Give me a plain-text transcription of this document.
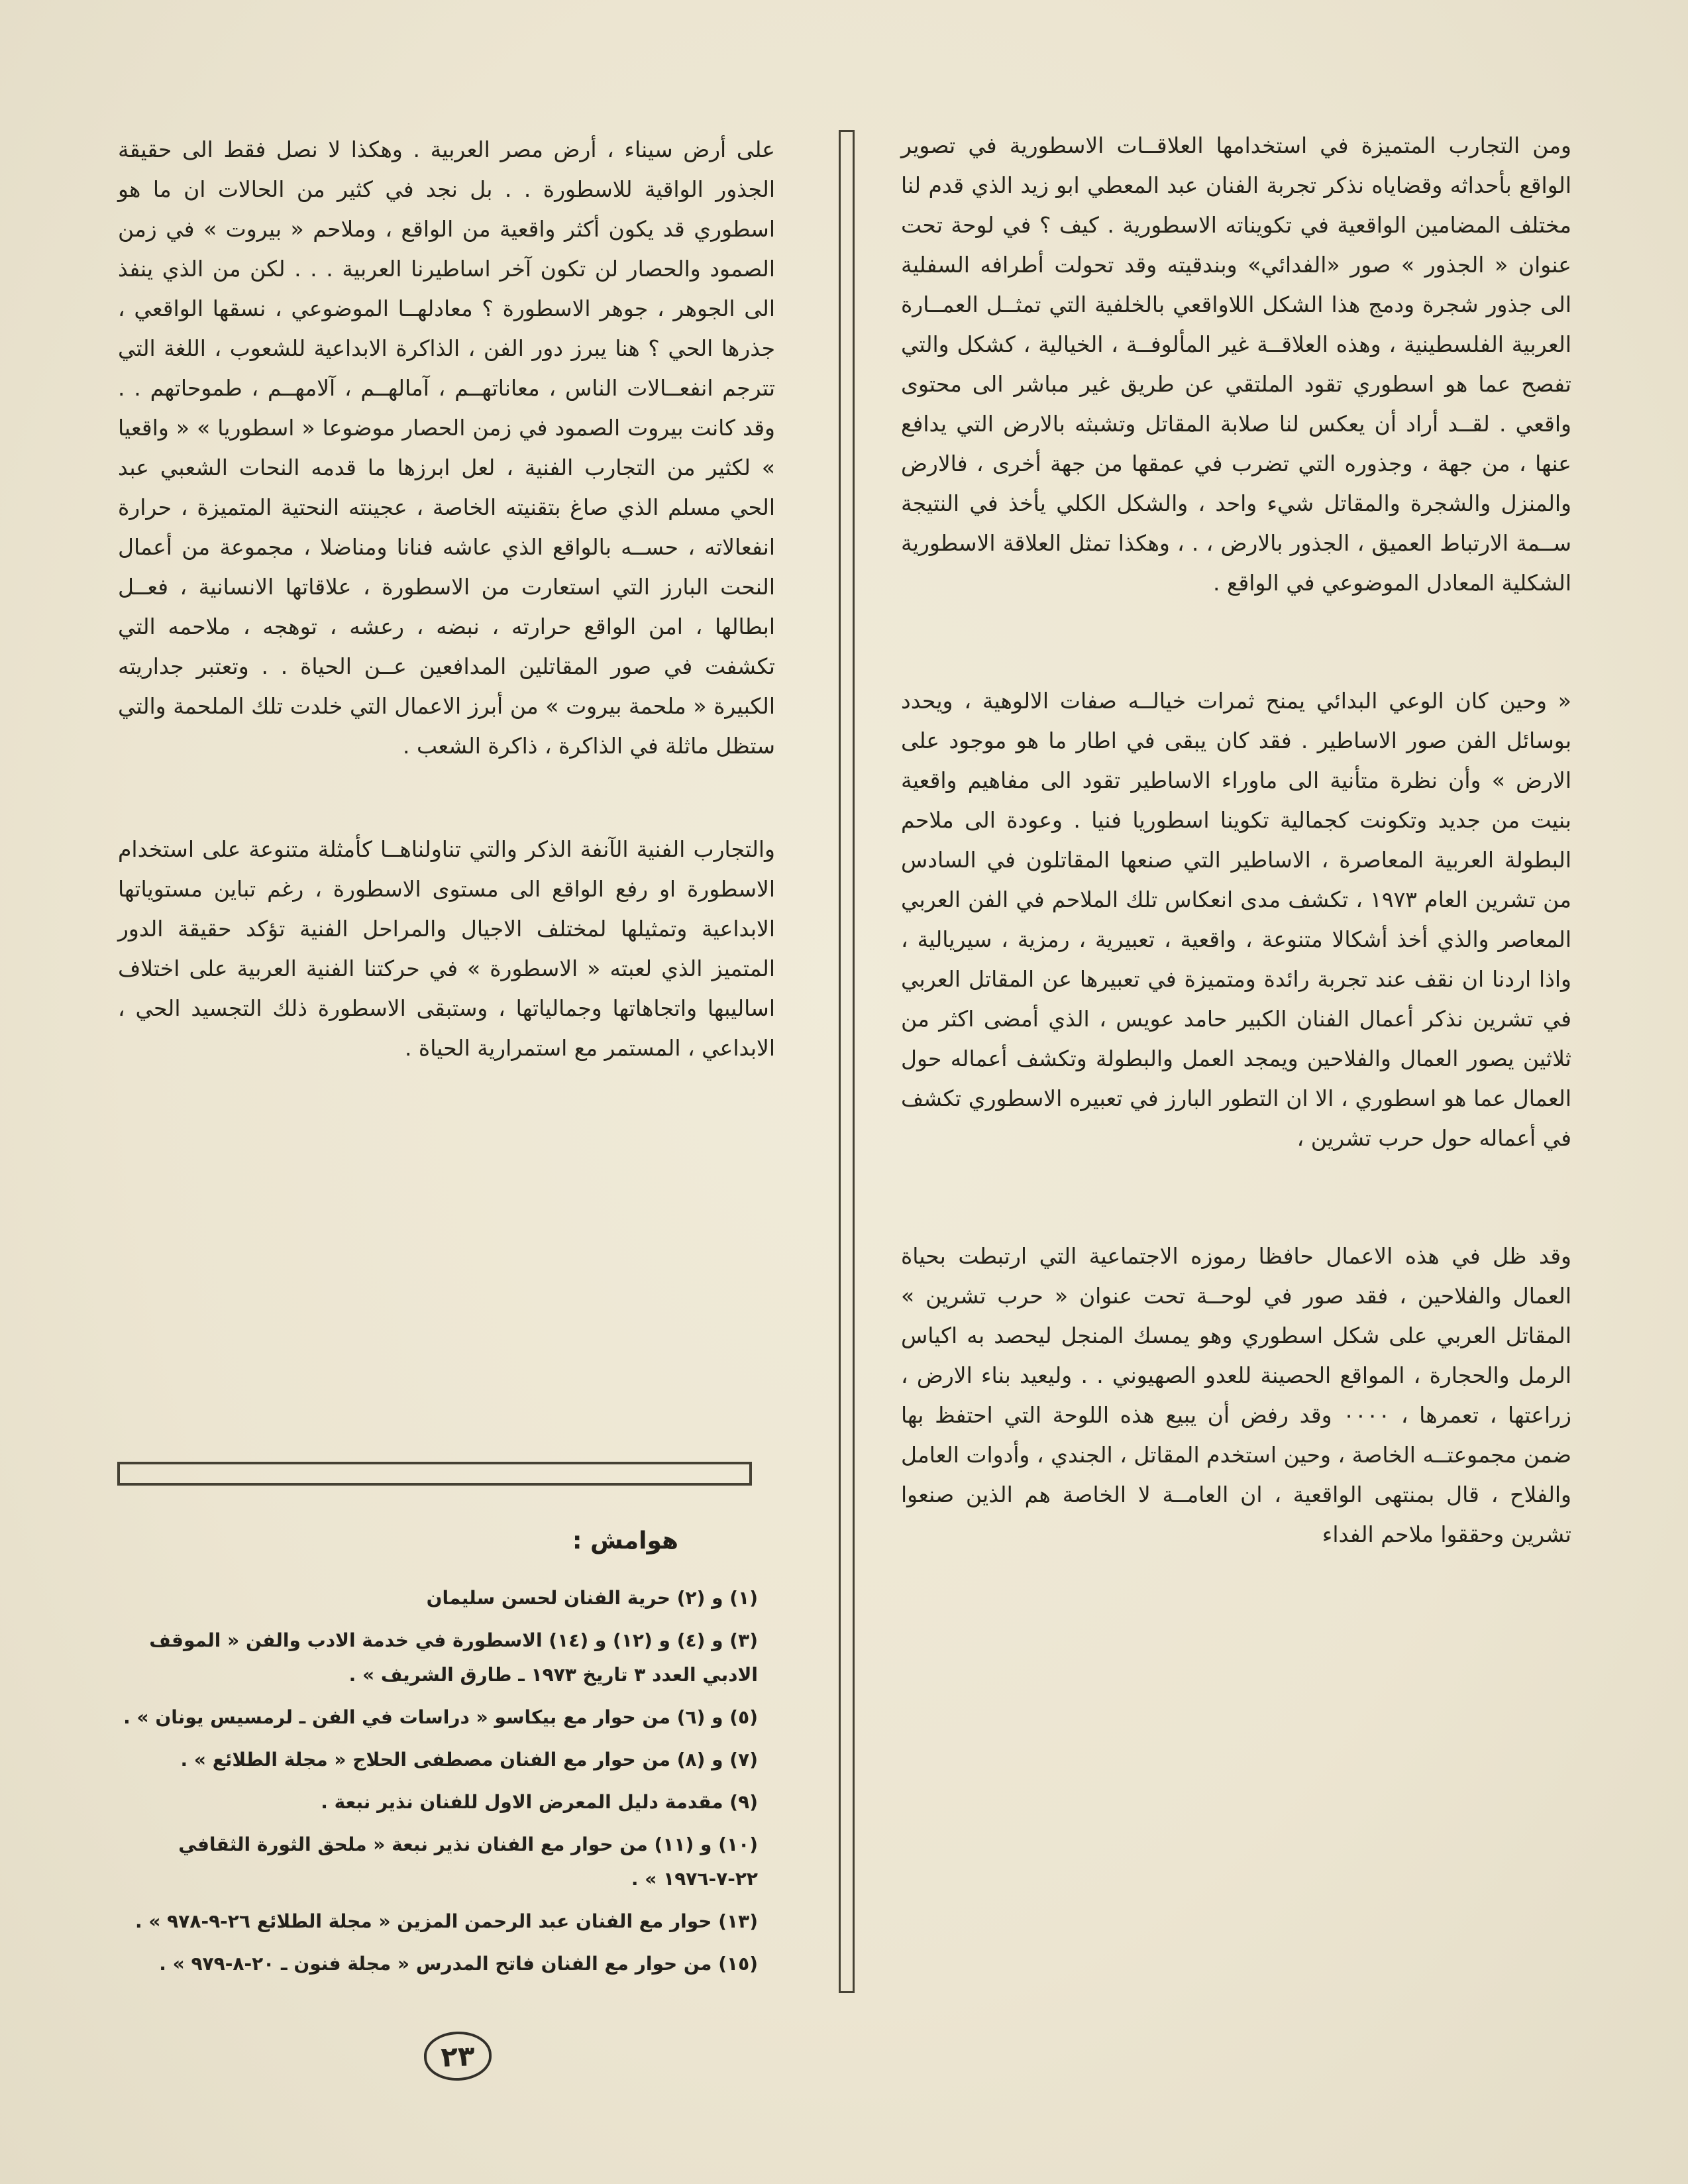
ومن التجارب المتميزة في استخدامها العلاقــات الاسطورية في تصوير الواقع بأحداثه وقضاياه نذكر تجربة الفنان عبد المعطي ابو زيد الذي قدم لنا مختلف المضامين الواقعية في تكويناته الاسطورية . كيف ؟ في لوحة تحت عنوان « الجذور » صور «الفدائي» وبندقيته وقد تحولت أطرافه السفلية الى جذور شجرة ودمج هذا الشكل اللاواقعي بالخلفية التي تمثــل العمــارة العربية الفلسطينية ، وهذه العلاقــة غير المألوفــة ، الخيالية ، كشكل والتي تفصح عما هو اسطوري تقود الملتقي عن طريق غير مباشر الى محتوى واقعي . لقــد أراد أن يعكس لنا صلابة المقاتل وتشبثه بالارض التي يدافع عنها ، من جهة ، وجذوره التي تضرب في عمقها من جهة أخرى ، فالارض والمنزل والشجرة والمقاتل شيء واحد ، والشكل الكلي يأخذ في النتيجة ســمة الارتباط العميق ، الجذور بالارض ، . ، وهكذا تمثل العلاقة الاسطورية الشكلية المعادل الموضوعي في الواقع .

« وحين كان الوعي البدائي يمنح ثمرات خيالــه صفات الالوهية ، ويحدد بوسائل الفن صور الاساطير . فقد كان يبقى في اطار ما هو موجود على الارض » وأن نظرة متأنية الى ماوراء الاساطير تقود الى مفاهيم واقعية بنيت من جديد وتكونت كجمالية تكوينا اسطوريا فنيا . وعودة الى ملاحم البطولة العربية المعاصرة ، الاساطير التي صنعها المقاتلون في السادس من تشرين العام ١٩٧٣ ، تكشف مدى انعكاس تلك الملاحم في الفن العربي المعاصر والذي أخذ أشكالا متنوعة ، واقعية ، تعبيرية ، رمزية ، سيريالية ، واذا اردنا ان نقف عند تجربة رائدة ومتميزة في تعبيرها عن المقاتل العربي في تشرين نذكر أعمال الفنان الكبير حامد عويس ، الذي أمضى اكثر من ثلاثين يصور العمال والفلاحين ويمجد العمل والبطولة وتكشف أعماله حول العمال عما هو اسطوري ، الا ان التطور البارز في تعبيره الاسطوري تكشف في أعماله حول حرب تشرين ،

وقد ظل في هذه الاعمال حافظا رموزه الاجتماعية التي ارتبطت بحياة العمال والفلاحين ، فقد صور في لوحــة تحت عنوان « حرب تشرين » المقاتل العربي على شكل اسطوري وهو يمسك المنجل ليحصد به اكياس الرمل والحجارة ، المواقع الحصينة للعدو الصهيوني . . وليعيد بناء الارض ، زراعتها ، تعمرها ، ٠٠٠٠ وقد رفض أن يبيع هذه اللوحة التي احتفظ بها ضمن مجموعتــه الخاصة ، وحين استخدم المقاتل ، الجندي ، وأدوات العامل والفلاح ، قال بمنتهى الواقعية ، ان العامــة لا الخاصة هم الذين صنعوا تشرين وحققوا ملاحم الفداء

على أرض سيناء ، أرض مصر العربية . وهكذا لا نصل فقط الى حقيقة الجذور الواقية للاسطورة . . بل نجد في كثير من الحالات ان ما هو اسطوري قد يكون أكثر واقعية من الواقع ، وملاحم « بيروت » في زمن الصمود والحصار لن تكون آخر اساطيرنا العربية . . . لكن من الذي ينفذ الى الجوهر ، جوهر الاسطورة ؟ معادلهــا الموضوعي ، نسقها الواقعي ، جذرها الحي ؟ هنا يبرز دور الفن ، الذاكرة الابداعية للشعوب ، اللغة التي تترجم انفعــالات الناس ، معاناتهــم ، آمالهــم ، آلامهــم ، طموحاتهم . . وقد كانت بيروت الصمود في زمن الحصار موضوعا « اسطوريا » « واقعيا » لكثير من التجارب الفنية ، لعل ابرزها ما قدمه النحات الشعبي عبد الحي مسلم الذي صاغ بتقنيته الخاصة ، عجينته النحتية المتميزة ، حرارة انفعالاته ، حســه بالواقع الذي عاشه فنانا ومناضلا ، مجموعة من أعمال النحت البارز التي استعارت من الاسطورة ، علاقاتها الانسانية ، فعــل ابطالها ، امن الواقع حرارته ، نبضه ، رعشه ، توهجه ، ملاحمه التي تكشفت في صور المقاتلين المدافعين عــن الحياة . . وتعتبر جداريته الكبيرة « ملحمة بيروت » من أبرز الاعمال التي خلدت تلك الملحمة والتي ستظل ماثلة في الذاكرة ، ذاكرة الشعب .

والتجارب الفنية الآنفة الذكر والتي تناولناهــا كأمثلة متنوعة على استخدام الاسطورة او رفع الواقع الى مستوى الاسطورة ، رغم تباين مستوياتها الابداعية وتمثيلها لمختلف الاجيال والمراحل الفنية تؤكد حقيقة الدور المتميز الذي لعبته « الاسطورة » في حركتنا الفنية العربية على اختلاف اساليبها واتجاهاتها وجمالياتها ، وستبقى الاسطورة ذلك التجسيد الحي ، الابداعي ، المستمر مع استمرارية الحياة .

هوامش :
(١) و (٢) حرية الفنان لحسن سليمان
(٣) و (٤) و (١٢) و (١٤) الاسطورة في خدمة الادب والفن « الموقف الادبي العدد ٣ تاريخ ١٩٧٣ ـ طارق الشريف » .
(٥) و (٦) من حوار مع بيكاسو « دراسات في الفن ـ لرمسيس يونان » .
(٧) و (٨) من حوار مع الفنان مصطفى الحلاج « مجلة الطلائع » .
(٩) مقدمة دليل المعرض الاول للفنان نذير نبعة .
(١٠) و (١١) من حوار مع الفنان نذير نبعة « ملحق الثورة الثقافي ٢٢-٧-١٩٧٦ » .
(١٣) حوار مع الفنان عبد الرحمن المزين « مجلة الطلائع ٢٦-٩-٩٧٨ » .
(١٥) من حوار مع الفنان فاتح المدرس « مجلة فنون ـ ٢٠-٨-٩٧٩ » .
٢٣
